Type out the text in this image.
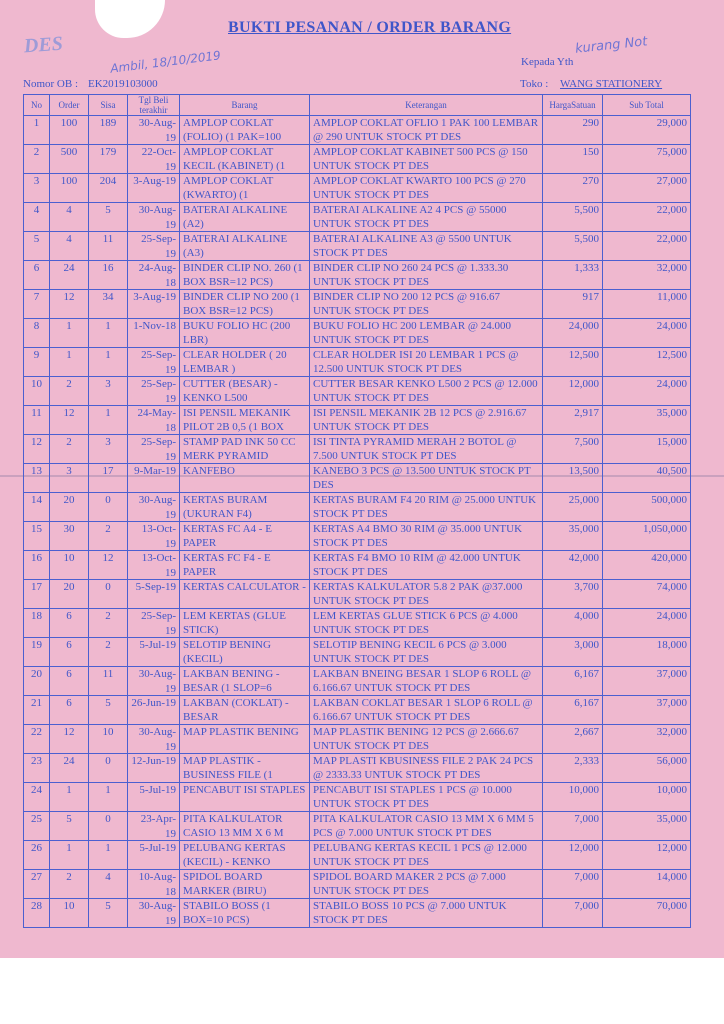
DES
BUKTI PESANAN / ORDER BARANG
kurang Not
Ambil, 18/10/2019	Kepada Yth
Nomor OB : EK2019103000	Toko : WANG STATIONERY
No	Order	Sisa	Tgl Beli terakhir	Barang	Keterangan	HargaSatuan	Sub Total

1	100	189	30-Aug-19	AMPLOP COKLAT (FOLIO) (1 PAK=100	AMPLOP COKLAT OFLIO 1 PAK 100 LEMBAR @ 290 UNTUK STOCK PT DES	290	29,000

2	500	179	22-Oct-19	AMPLOP COKLAT KECIL (KABINET) (1	AMPLOP COKLAT KABINET 500 PCS @ 150 UNTUK STOCK PT DES	150	75,000

3	100	204	3-Aug-19	AMPLOP COKLAT (KWARTO) (1	AMPLOP COKLAT KWARTO 100 PCS @ 270 UNTUK STOCK PT DES	270	27,000

4	4	5	30-Aug-19	BATERAI ALKALINE (A2)	BATERAI ALKALINE A2 4 PCS @ 55000 UNTUK STOCK PT DES	5,500	22,000

5	4	11	25-Sep-19	BATERAI ALKALINE (A3)	BATERAI ALKALINE A3 @ 5500 UNTUK STOCK PT DES	5,500	22,000

6	24	16	24-Aug-18	BINDER CLIP NO. 260 (1 BOX BSR=12 PCS)	BINDER CLIP NO 260 24 PCS @ 1.333.30 UNTUK STOCK PT DES	1,333	32,000

7	12	34	3-Aug-19	BINDER CLIP NO 200 (1 BOX BSR=12 PCS)	BINDER CLIP NO 200 12 PCS @ 916.67 UNTUK STOCK PT DES	917	11,000

8	1	1	1-Nov-18	BUKU FOLIO HC (200 LBR)	BUKU FOLIO HC 200 LEMBAR @ 24.000 UNTUK STOCK PT DES	24,000	24,000

9	1	1	25-Sep-19	CLEAR HOLDER ( 20 LEMBAR )	CLEAR HOLDER ISI 20 LEMBAR 1 PCS @ 12.500 UNTUK STOCK PT DES	12,500	12,500

10	2	3	25-Sep-19	CUTTER (BESAR) - KENKO L500	CUTTER BESAR KENKO L500 2 PCS @ 12.000 UNTUK STOCK PT DES	12,000	24,000

11	12	1	24-May-18	ISI PENSIL MEKANIK PILOT 2B 0,5 (1 BOX	ISI PENSIL MEKANIK 2B 12 PCS @ 2.916.67 UNTUK STOCK PT DES	2,917	35,000

12	2	3	25-Sep-19	STAMP PAD INK 50 CC MERK PYRAMID	ISI TINTA PYRAMID MERAH 2 BOTOL @ 7.500 UNTUK STOCK PT DES	7,500	15,000

13	3	17	9-Mar-19	KANFEBO	KANEBO 3 PCS @ 13.500 UNTUK STOCK PT DES	13,500	40,500

14	20	0	30-Aug-19	KERTAS BURAM (UKURAN F4)	KERTAS BURAM F4 20 RIM @ 25.000 UNTUK STOCK PT DES	25,000	500,000

15	30	2	13-Oct-19	KERTAS FC A4 - E PAPER	KERTAS A4 BMO 30 RIM @ 35.000 UNTUK STOCK PT DES	35,000	1,050,000

16	10	12	13-Oct-19	KERTAS FC F4 - E PAPER	KERTAS F4 BMO 10 RIM @ 42.000 UNTUK STOCK PT DES	42,000	420,000

17	20	0	5-Sep-19	KERTAS CALCULATOR -	KERTAS KALKULATOR 5.8 2 PAK @37.000 UNTUK STOCK PT DES	3,700	74,000

18	6	2	25-Sep-19	LEM KERTAS (GLUE STICK)	LEM KERTAS GLUE STICK 6 PCS @ 4.000 UNTUK STOCK PT DES	4,000	24,000

19	6	2	5-Jul-19	SELOTIP BENING (KECIL)	SELOTIP BENING KECIL 6 PCS @ 3.000 UNTUK STOCK PT DES	3,000	18,000

20	6	11	30-Aug-19	LAKBAN BENING - BESAR (1 SLOP=6	LAKBAN BNEING BESAR 1 SLOP 6 ROLL @ 6.166.67 UNTUK STOCK PT DES	6,167	37,000

21	6	5	26-Jun-19	LAKBAN (COKLAT) - BESAR	LAKBAN COKLAT BESAR 1 SLOP 6 ROLL @ 6.166.67 UNTUK STOCK PT DES	6,167	37,000

22	12	10	30-Aug-19	MAP PLASTIK BENING	MAP PLASTIK BENING 12 PCS @ 2.666.67 UNTUK STOCK PT DES	2,667	32,000

23	24	0	12-Jun-19	MAP PLASTIK - BUSINESS FILE (1	MAP PLASTI KBUSINESS FILE 2 PAK 24 PCS @ 2333.33 UNTUK STOCK PT DES	2,333	56,000

24	1	1	5-Jul-19	PENCABUT ISI STAPLES	PENCABUT ISI STAPLES 1 PCS @ 10.000 UNTUK STOCK PT DES	10,000	10,000

25	5	0	23-Apr-19	PITA KALKULATOR CASIO 13 MM X 6 M	PITA KALKULATOR CASIO 13 MM X 6 MM 5 PCS @ 7.000 UNTUK STOCK PT DES	7,000	35,000

26	1	1	5-Jul-19	PELUBANG KERTAS (KECIL) - KENKO	PELUBANG KERTAS KECIL 1 PCS @ 12.000 UNTUK STOCK PT DES	12,000	12,000

27	2	4	10-Aug-18	SPIDOL BOARD MARKER (BIRU)	SPIDOL BOARD MAKER 2 PCS @ 7.000 UNTUK STOCK PT DES	7,000	14,000

28	10	5	30-Aug-19	STABILO BOSS (1 BOX=10 PCS)	STABILO BOSS 10 PCS @ 7.000 UNTUK STOCK PT DES	7,000	70,000
